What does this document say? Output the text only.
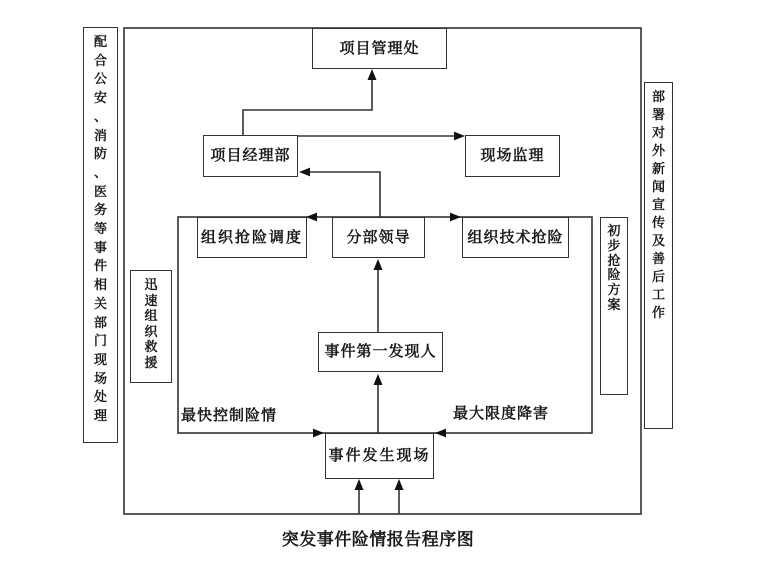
配合公安、消防、医务等事件相关部门现场处理
部署对外新闻宣传及善后工作
项目管理处
项目经理部	现场监理
组织抢险调度	分部领导	组织技术抢险	初步抢险方案
迅速组织救援
事件第一发现人
事件发生现场
最快控制险情	最大限度降害
突发事件险情报告程序图
